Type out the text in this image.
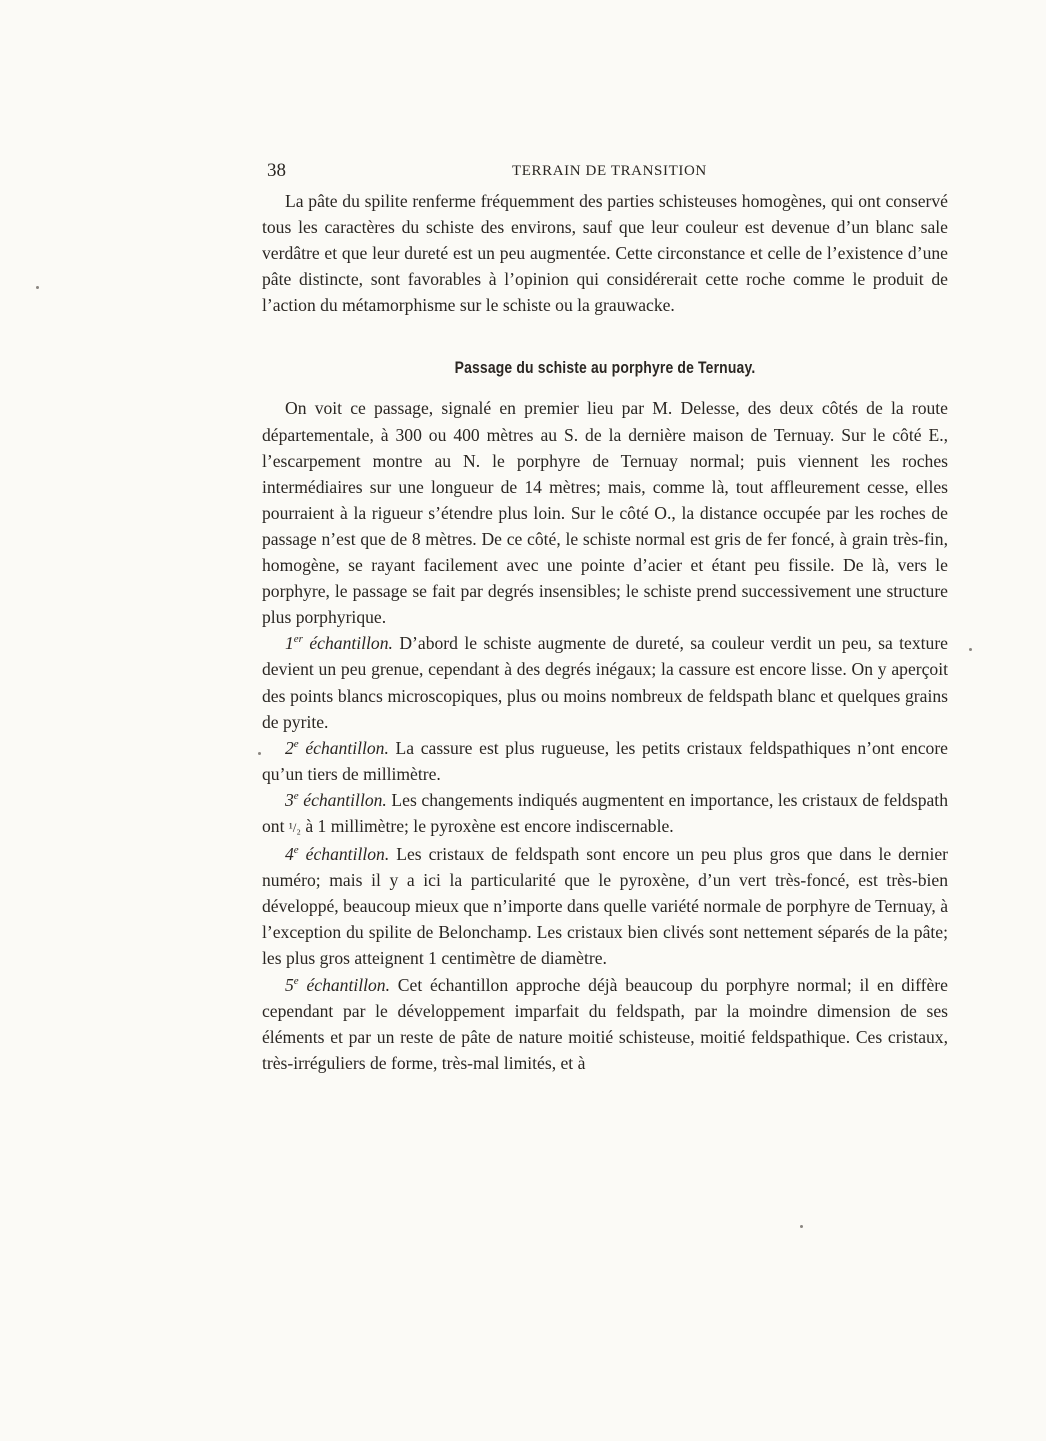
38	TERRAIN DE TRANSITION

La pâte du spilite renferme fréquemment des parties schisteuses homogènes, qui ont conservé tous les caractères du schiste des environs, sauf que leur couleur est devenue d’un blanc sale verdâtre et que leur dureté est un peu augmentée. Cette circonstance et celle de l’existence d’une pâte distincte, sont favorables à l’opinion qui considérerait cette roche comme le produit de l’action du métamorphisme sur le schiste ou la grauwacke.

Passage du schiste au porphyre de Ternuay.

On voit ce passage, signalé en premier lieu par M. Delesse, des deux côtés de la route départementale, à 300 ou 400 mètres au S. de la dernière maison de Ternuay. Sur le côté E., l’escarpement montre au N. le porphyre de Ternuay normal; puis viennent les roches intermédiaires sur une longueur de 14 mètres; mais, comme là, tout affleurement cesse, elles pourraient à la rigueur s’étendre plus loin. Sur le côté O., la distance occupée par les roches de passage n’est que de 8 mètres. De ce côté, le schiste normal est gris de fer foncé, à grain très-fin, homogène, se rayant facilement avec une pointe d’acier et étant peu fissile. De là, vers le porphyre, le passage se fait par degrés insensibles; le schiste prend successivement une structure plus porphyrique.

1er échantillon. D’abord le schiste augmente de dureté, sa couleur verdit un peu, sa texture devient un peu grenue, cependant à des degrés inégaux; la cassure est encore lisse. On y aperçoit des points blancs microscopiques, plus ou moins nombreux de feldspath blanc et quelques grains de pyrite.

2e échantillon. La cassure est plus rugueuse, les petits cristaux feldspathiques n’ont encore qu’un tiers de millimètre.

3e échantillon. Les changements indiqués augmentent en importance, les cristaux de feldspath ont ¹/₂ à 1 millimètre; le pyroxène est encore indiscernable.

4e échantillon. Les cristaux de feldspath sont encore un peu plus gros que dans le dernier numéro; mais il y a ici la particularité que le pyroxène, d’un vert très-foncé, est très-bien développé, beaucoup mieux que n’importe dans quelle variété normale de porphyre de Ternuay, à l’exception du spilite de Belonchamp. Les cristaux bien clivés sont nettement séparés de la pâte; les plus gros atteignent 1 centimètre de diamètre.

5e échantillon. Cet échantillon approche déjà beaucoup du porphyre normal; il en diffère cependant par le développement imparfait du feldspath, par la moindre dimension de ses éléments et par un reste de pâte de nature moitié schisteuse, moitié feldspathique. Ces cristaux, très-irréguliers de forme, très-mal limités, et à
